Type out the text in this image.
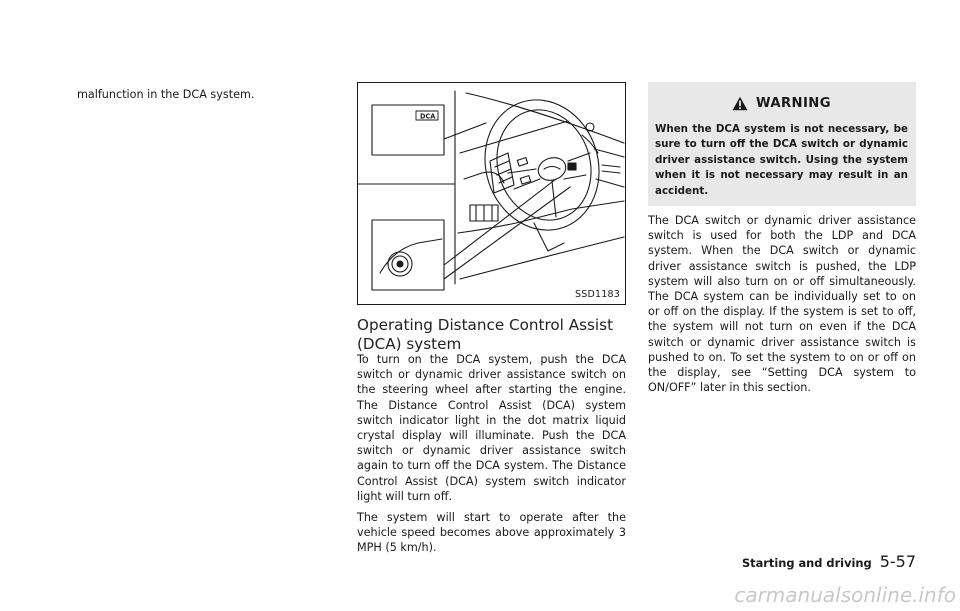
malfunction in the DCA system.

DCA
SSD1183
Operating Distance Control Assist
(DCA) system

To turn on the DCA system, push the DCA switch or dynamic driver assistance switch on the steering wheel after starting the engine. The Distance Control Assist (DCA) system switch indicator light in the dot matrix liquid crystal display will illuminate. Push the DCA switch or dynamic driver assistance switch again to turn off the DCA system. The Distance Control Assist (DCA) system switch indicator light will turn off.

The system will start to operate after the vehicle speed becomes above approximately 3 MPH (5 km/h).

WARNING

When the DCA system is not necessary, be sure to turn off the DCA switch or dynamic driver assistance switch. Using the system when it is not necessary may result in an accident.

The DCA switch or dynamic driver assistance switch is used for both the LDP and DCA system. When the DCA switch or dynamic driver assistance switch is pushed, the LDP system will also turn on or off simultaneously. The DCA system can be individually set to on or off on the display. If the system is set to off, the system will not turn on even if the DCA switch or dynamic driver assistance switch is pushed to on. To set the system to on or off on the display, see “Setting DCA system to ON/OFF” later in this section.

Starting and driving 5-57
carmanualsonline.info
